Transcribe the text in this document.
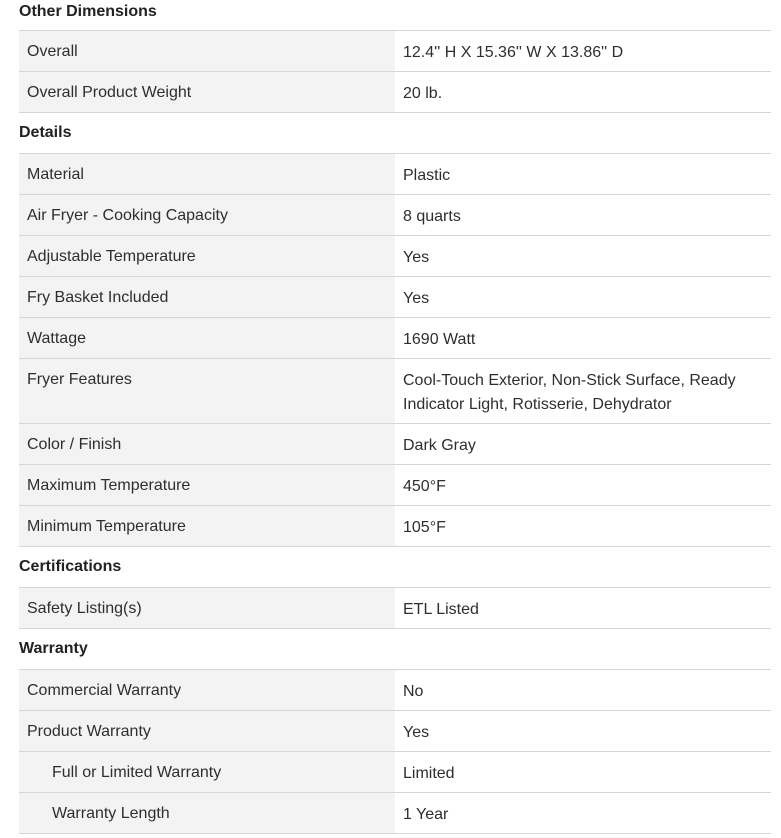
Other Dimensions
Overall	12.4'' H X 15.36'' W X 13.86'' D
Overall Product Weight	20 lb.
Details
Material	Plastic
Air Fryer - Cooking Capacity	8 quarts
Adjustable Temperature	Yes
Fry Basket Included	Yes
Wattage	1690 Watt
Fryer Features	Cool-Touch Exterior, Non-Stick Surface, Ready Indicator Light, Rotisserie, Dehydrator
Color / Finish	Dark Gray
Maximum Temperature	450°F
Minimum Temperature	105°F
Certifications
Safety Listing(s)	ETL Listed
Warranty
Commercial Warranty	No
Product Warranty	Yes
Full or Limited Warranty	Limited
Warranty Length	1 Year
